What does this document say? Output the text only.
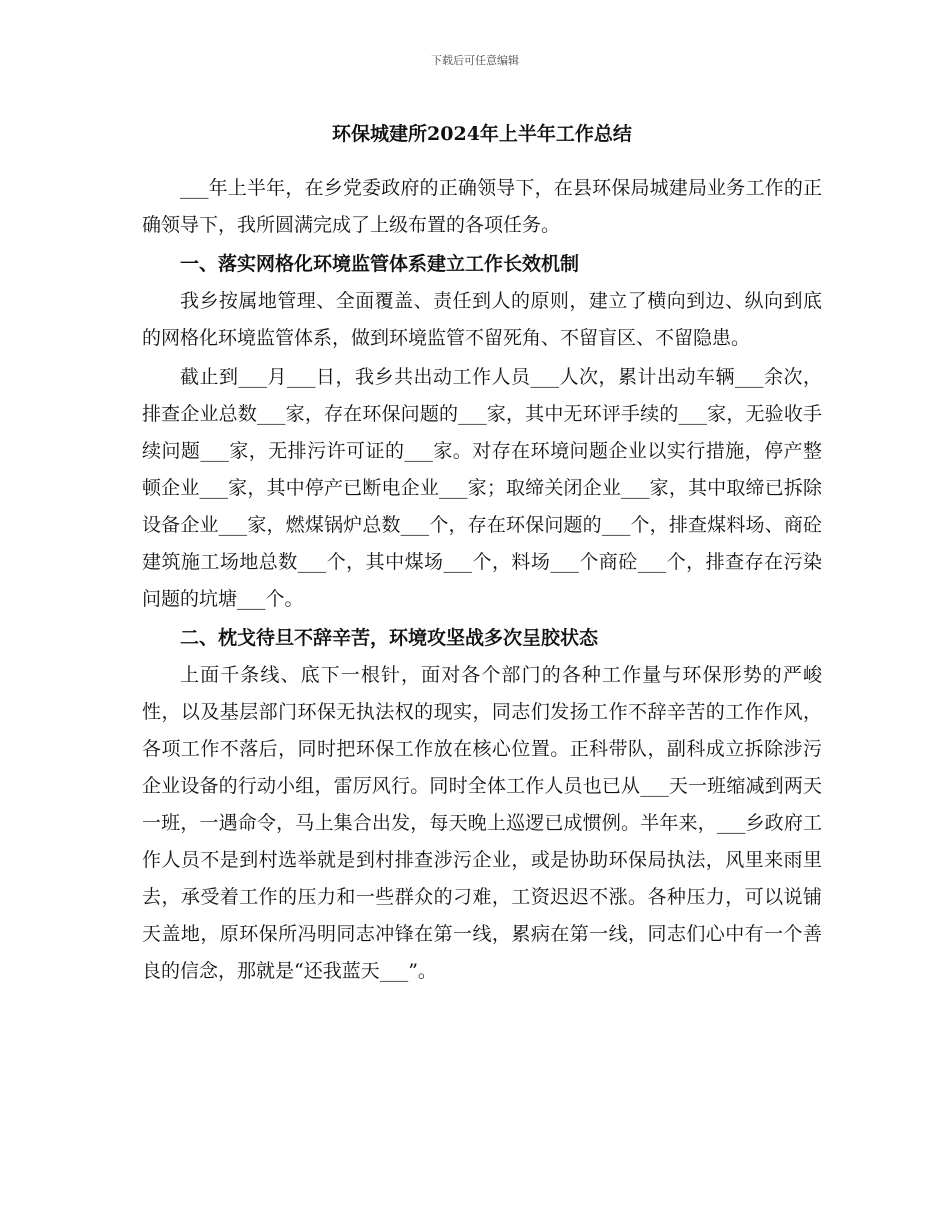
下载后可任意编辑
环保城建所2024年上半年工作总结

___年上半年，在乡党委政府的正确领导下，在县环保局城建局业务工作的正确领导下，我所圆满完成了上级布置的各项任务。

一、落实网格化环境监管体系建立工作长效机制

我乡按属地管理、全面覆盖、责任到人的原则，建立了横向到边、纵向到底的网格化环境监管体系，做到环境监管不留死角、不留盲区、不留隐患。

截止到___月___日，我乡共出动工作人员___人次，累计出动车辆___余次，排查企业总数___家，存在环保问题的___家，其中无环评手续的___家，无验收手续问题___家，无排污许可证的___家。对存在环境问题企业以实行措施，停产整顿企业___家，其中停产已断电企业___家；取缔关闭企业___家，其中取缔已拆除设备企业___家，燃煤锅炉总数___个，存在环保问题的___个，排查煤料场、商砼建筑施工场地总数___个，其中煤场___个，料场___个商砼___个，排查存在污染问题的坑塘___个。

二、枕戈待旦不辞辛苦，环境攻坚战多次呈胶状态

上面千条线、底下一根针，面对各个部门的各种工作量与环保形势的严峻性，以及基层部门环保无执法权的现实，同志们发扬工作不辞辛苦的工作作风，各项工作不落后，同时把环保工作放在核心位置。正科带队，副科成立拆除涉污企业设备的行动小组，雷厉风行。同时全体工作人员也已从___天一班缩减到两天一班，一遇命令，马上集合出发，每天晚上巡逻已成惯例。半年来，___乡政府工作人员不是到村选举就是到村排查涉污企业，或是协助环保局执法，风里来雨里去，承受着工作的压力和一些群众的刁难，工资迟迟不涨。各种压力，可以说铺天盖地，原环保所冯明同志冲锋在第一线，累病在第一线，同志们心中有一个善良的信念，那就是“还我蓝天___”。
